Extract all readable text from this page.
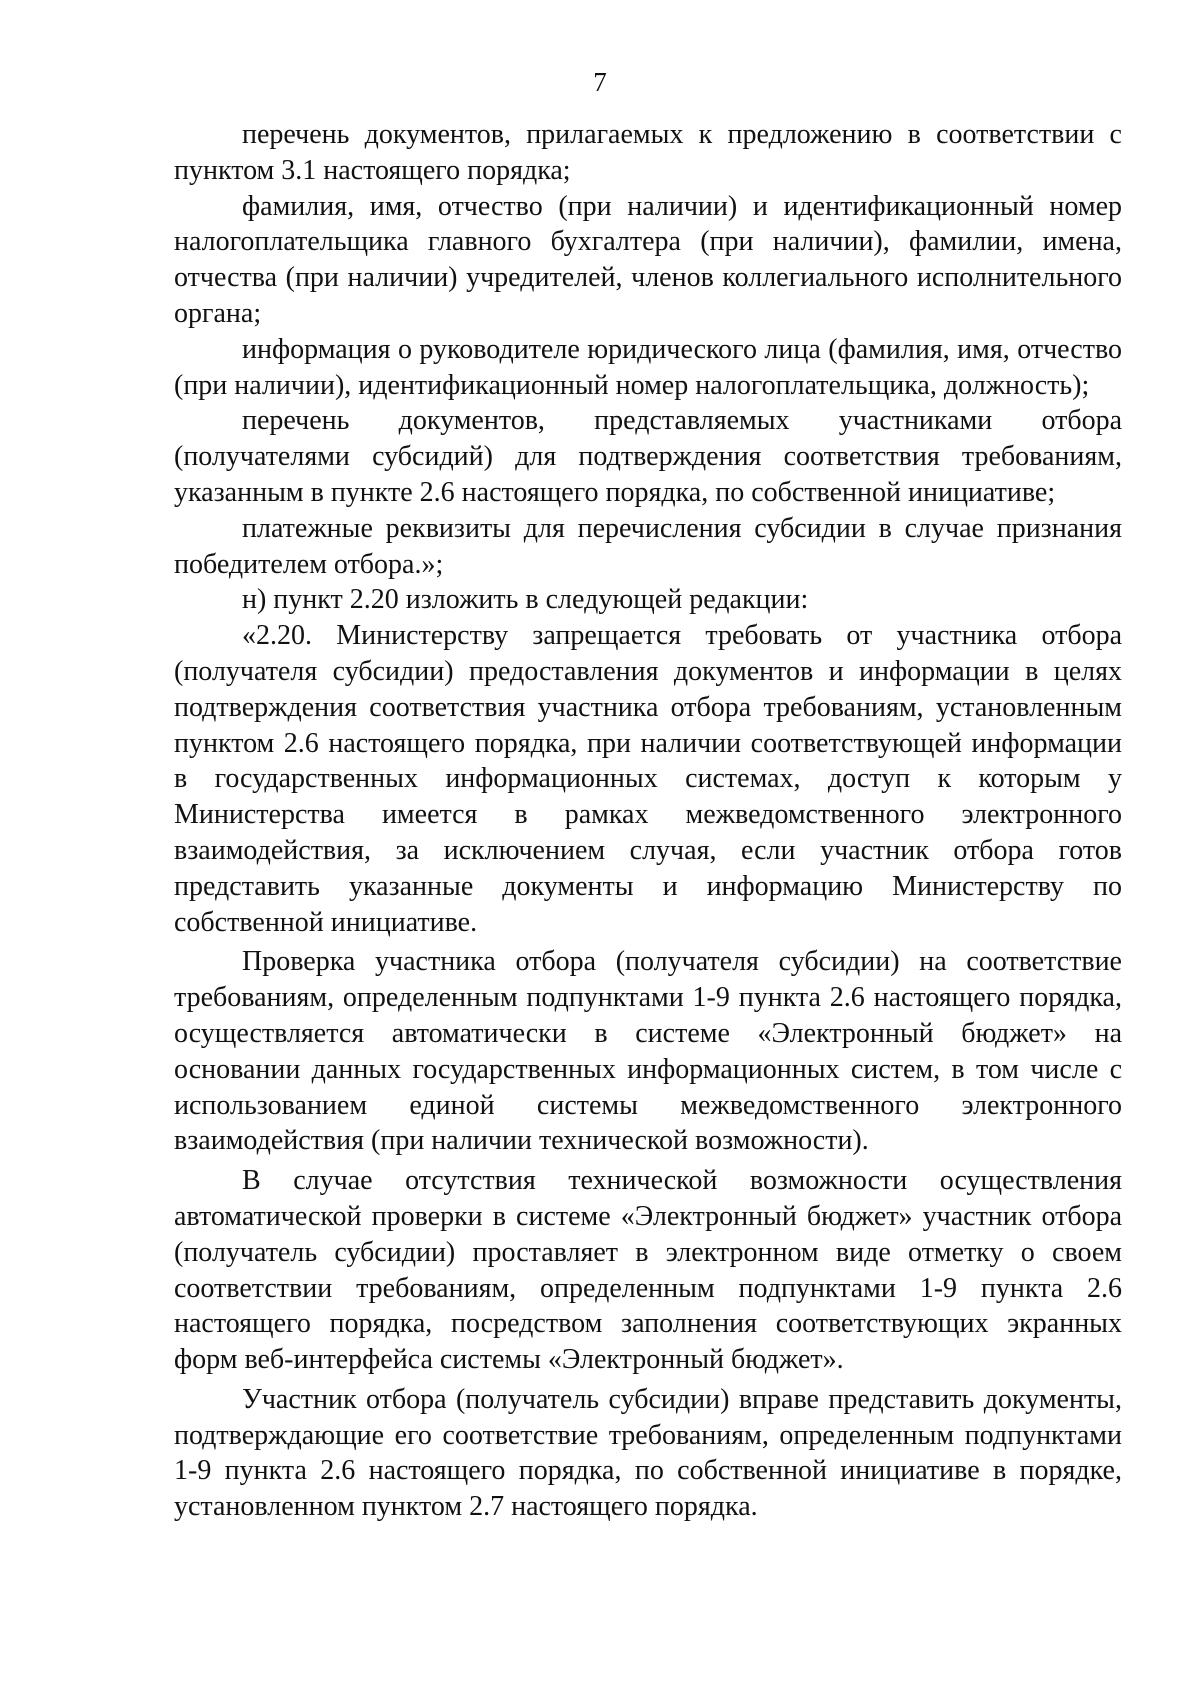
7

перечень документов, прилагаемых к предложению в соответствии с пунктом 3.1 настоящего порядка;

фамилия, имя, отчество (при наличии) и идентификационный номер налогоплательщика главного бухгалтера (при наличии), фамилии, имена, отчества (при наличии) учредителей, членов коллегиального исполнительного органа;

информация о руководителе юридического лица (фамилия, имя, отчество (при наличии), идентификационный номер налогоплательщика, должность);

перечень документов, представляемых участниками отбора (получателями субсидий) для подтверждения соответствия требованиям, указанным в пункте 2.6 настоящего порядка, по собственной инициативе;

платежные реквизиты для перечисления субсидии в случае признания победителем отбора.»;

н) пункт 2.20 изложить в следующей редакции:

«2.20. Министерству запрещается требовать от участника отбора (получателя субсидии) предоставления документов и информации в целях подтверждения соответствия участника отбора требованиям, установленным пунктом 2.6 настоящего порядка, при наличии соответствующей информации в государственных информационных системах, доступ к которым у Министерства имеется в рамках межведомственного электронного взаимодействия, за исключением случая, если участник отбора готов представить указанные документы и информацию Министерству по собственной инициативе.

Проверка участника отбора (получателя субсидии) на соответствие требованиям, определенным подпунктами 1-9 пункта 2.6 настоящего порядка, осуществляется автоматически в системе «Электронный бюджет» на основании данных государственных информационных систем, в том числе с использованием единой системы межведомственного электронного взаимодействия (при наличии технической возможности).

В случае отсутствия технической возможности осуществления автоматической проверки в системе «Электронный бюджет» участник отбора (получатель субсидии) проставляет в электронном виде отметку о своем соответствии требованиям, определенным подпунктами 1-9 пункта 2.6 настоящего порядка, посредством заполнения соответствующих экранных форм веб-интерфейса системы «Электронный бюджет».

Участник отбора (получатель субсидии) вправе представить документы, подтверждающие его соответствие требованиям, определенным подпунктами 1-9 пункта 2.6 настоящего порядка, по собственной инициативе в порядке, установленном пунктом 2.7 настоящего порядка.
